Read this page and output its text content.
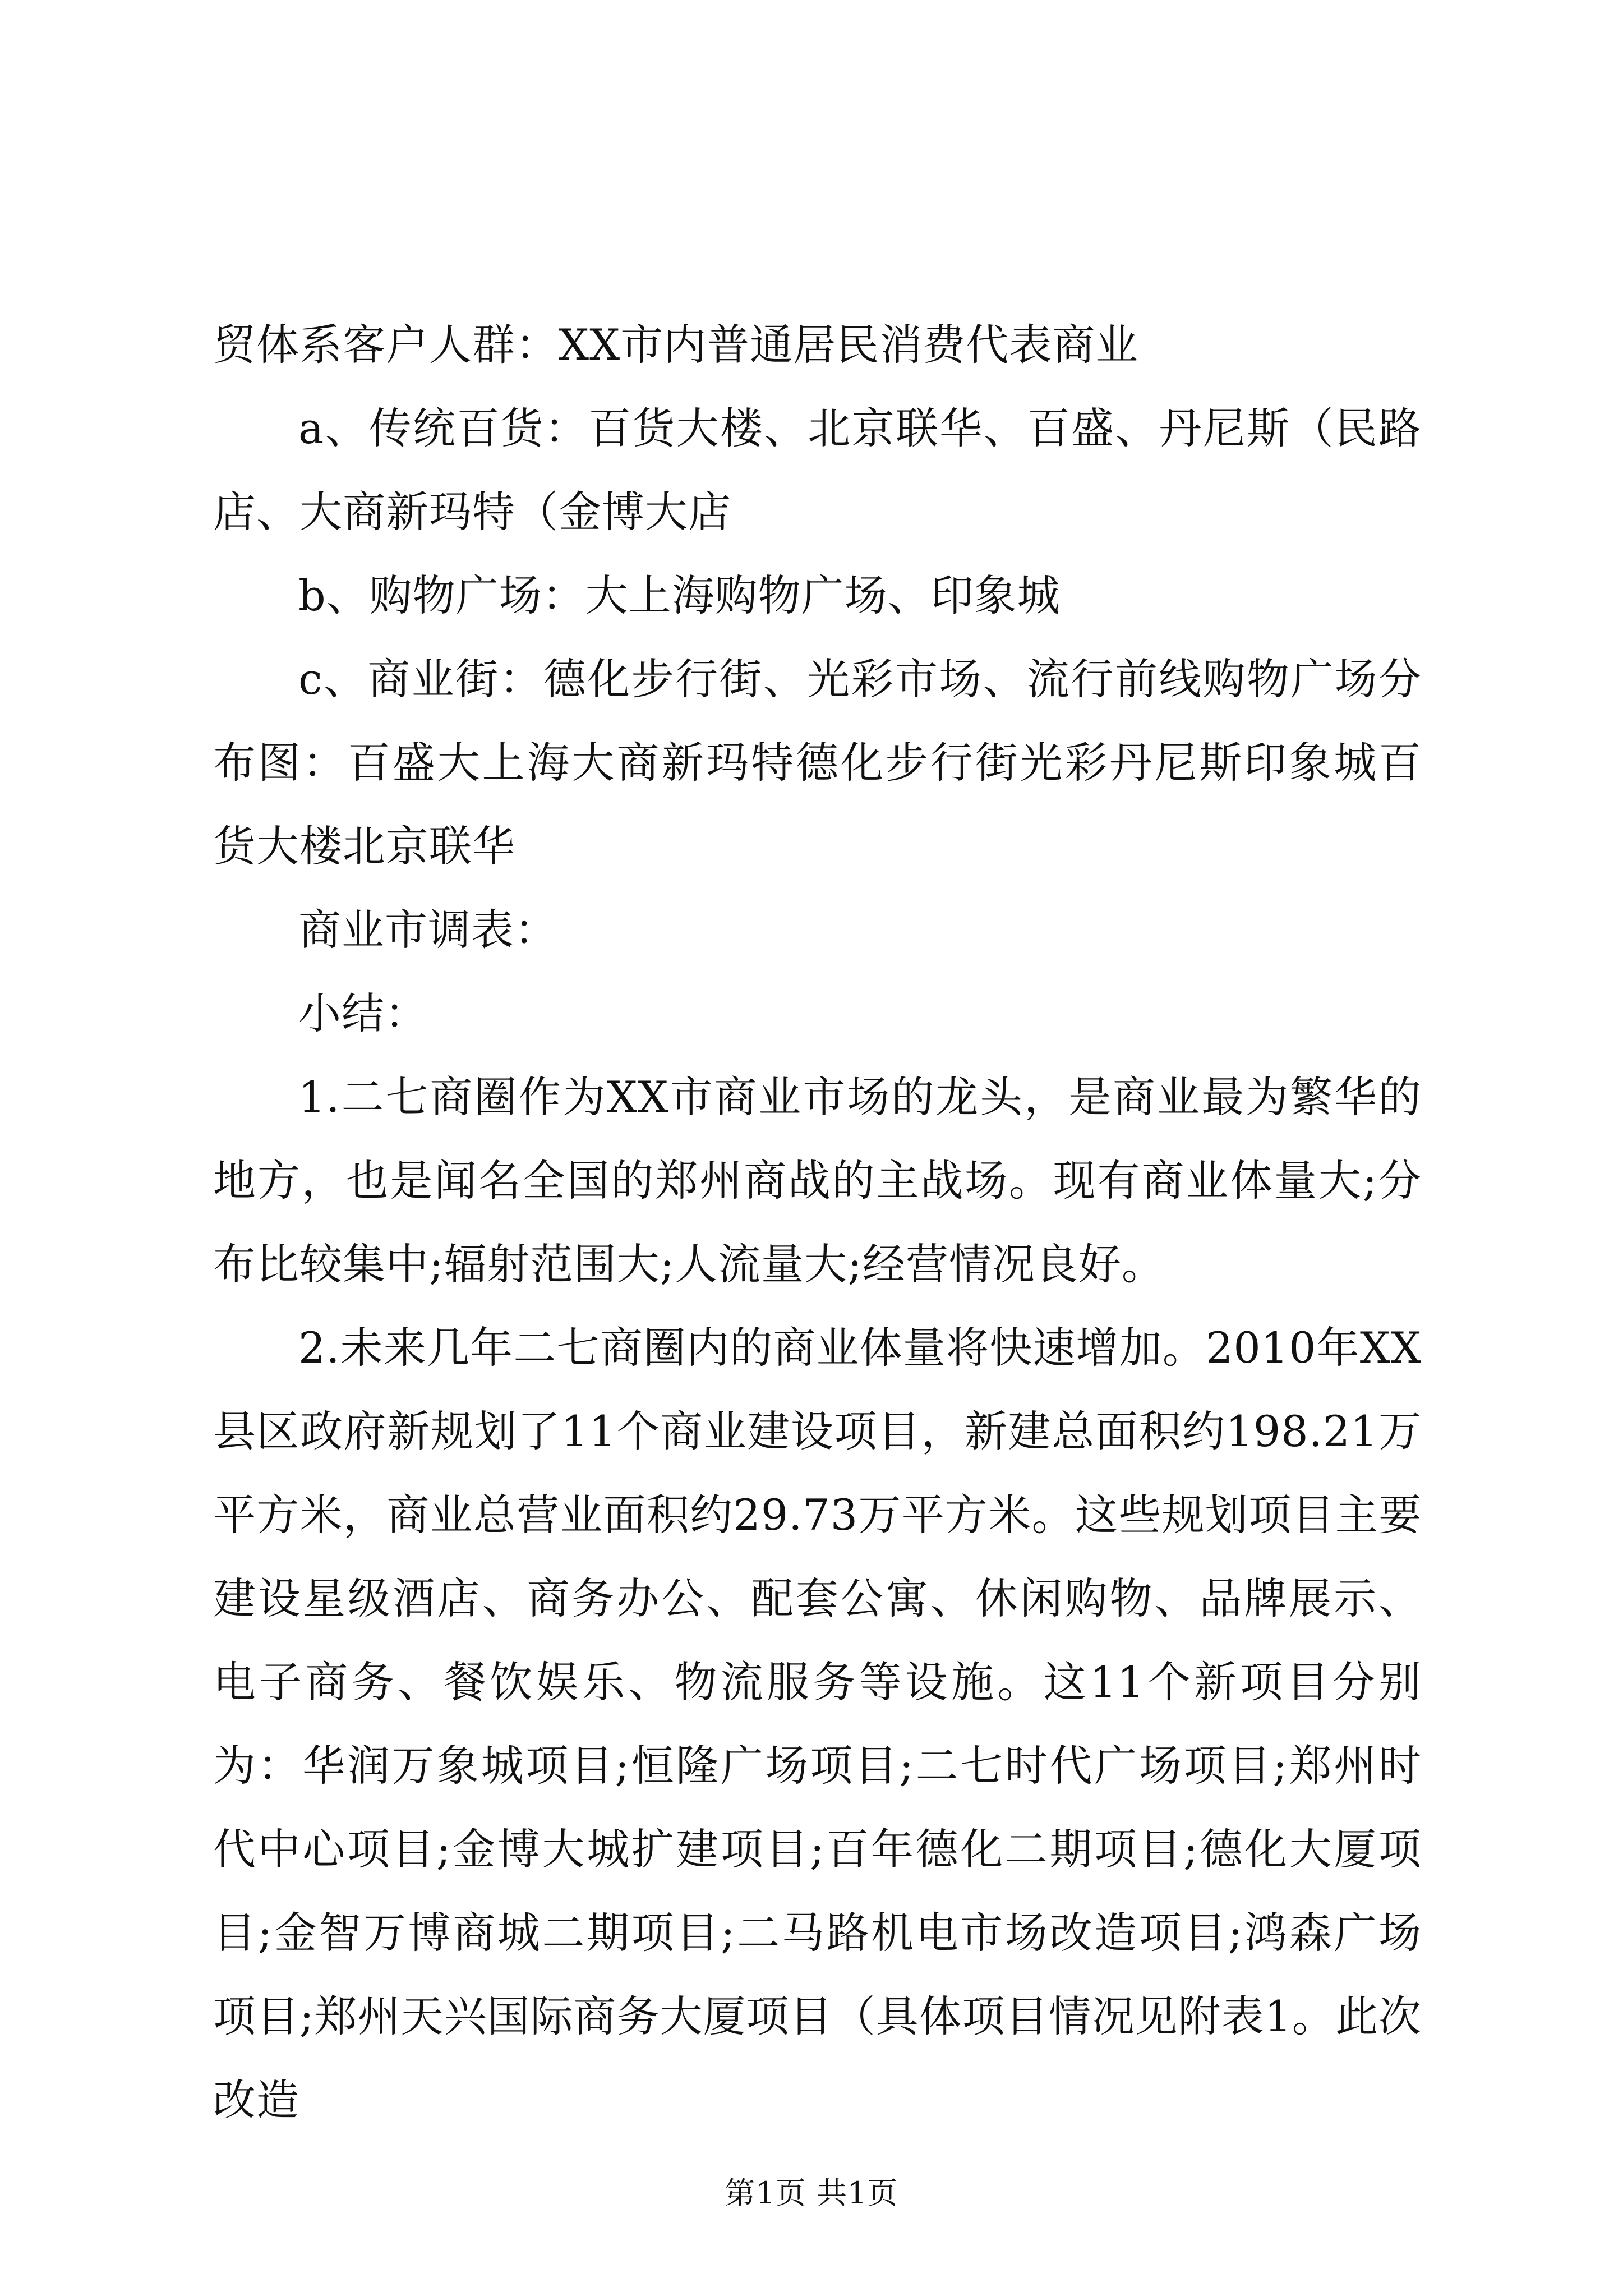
贸体系客户人群：XX市内普通居民消费代表商业

a、传统百货：百货大楼、北京联华、百盛、丹尼斯（民路店、大商新玛特（金博大店

b、购物广场：大上海购物广场、印象城

c、商业街：德化步行街、光彩市场、流行前线购物广场分布图：百盛大上海大商新玛特德化步行街光彩丹尼斯印象城百货大楼北京联华

商业市调表：

小结：

1.二七商圈作为XX市商业市场的龙头，是商业最为繁华的地方，也是闻名全国的郑州商战的主战场。现有商业体量大;分布比较集中;辐射范围大;人流量大;经营情况良好。

2.未来几年二七商圈内的商业体量将快速增加。2010年XX县区政府新规划了11个商业建设项目，新建总面积约198.21万平方米，商业总营业面积约29.73万平方米。这些规划项目主要建设星级酒店、商务办公、配套公寓、休闲购物、品牌展示、电子商务、餐饮娱乐、物流服务等设施。这11个新项目分别为：华润万象城项目;恒隆广场项目;二七时代广场项目;郑州时代中心项目;金博大城扩建项目;百年德化二期项目;德化大厦项目;金智万博商城二期项目;二马路机电市场改造项目;鸿森广场项目;郑州天兴国际商务大厦项目（具体项目情况见附表1。此次改造

第1页 共1页
